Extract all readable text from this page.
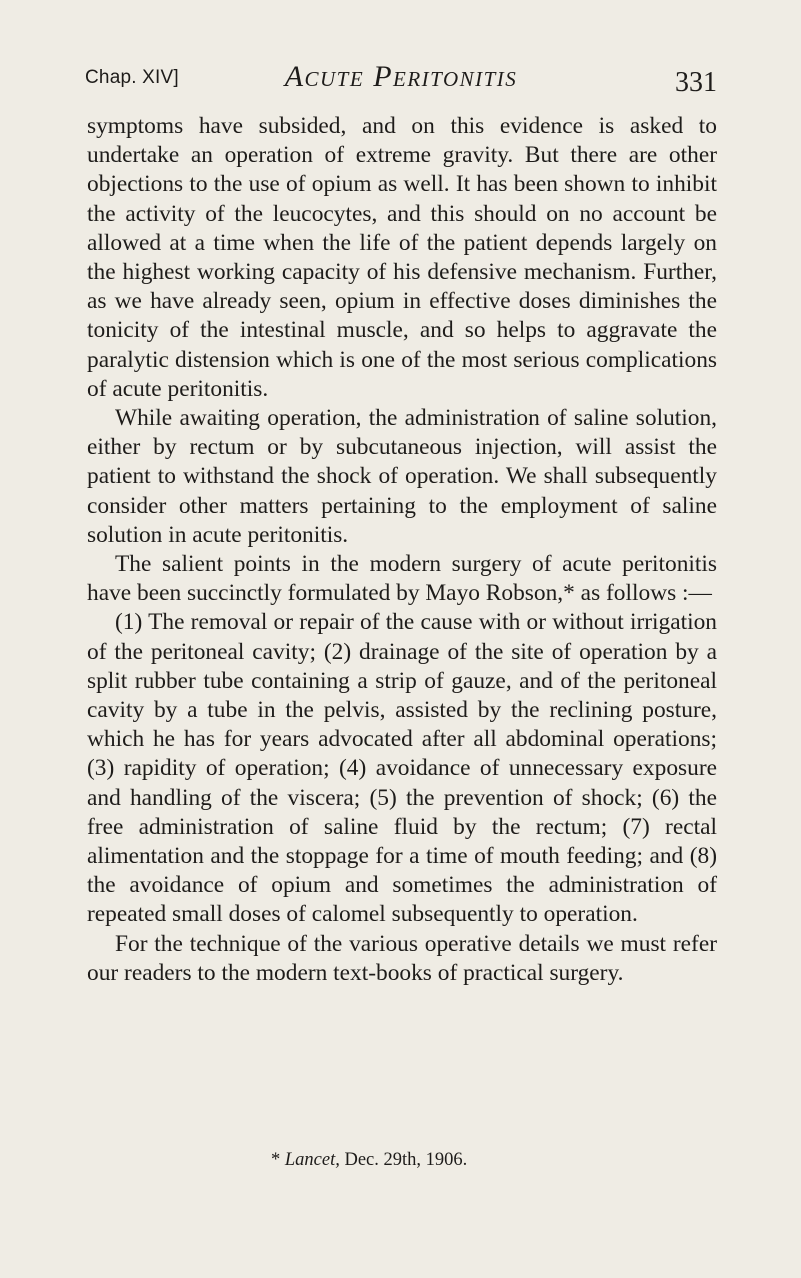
Chap. XIV]	Acute Peritonitis	331

symptoms have subsided, and on this evidence is asked to undertake an operation of extreme gravity. But there are other objections to the use of opium as well. It has been shown to inhibit the activity of the leucocytes, and this should on no account be allowed at a time when the life of the patient depends largely on the highest working capacity of his defensive mechanism. Further, as we have already seen, opium in effective doses diminishes the tonicity of the intestinal muscle, and so helps to aggravate the paralytic distension which is one of the most serious complications of acute peritonitis.

While awaiting operation, the administration of saline solution, either by rectum or by subcutaneous injection, will assist the patient to withstand the shock of operation. We shall subsequently consider other matters pertaining to the employment of saline solution in acute peritonitis.

The salient points in the modern surgery of acute peritonitis have been succinctly formulated by Mayo Robson,* as follows :—

(1) The removal or repair of the cause with or without irrigation of the peritoneal cavity; (2) drainage of the site of operation by a split rubber tube containing a strip of gauze, and of the peritoneal cavity by a tube in the pelvis, assisted by the reclining posture, which he has for years advocated after all abdominal operations; (3) rapidity of operation; (4) avoidance of unnecessary exposure and handling of the viscera; (5) the prevention of shock; (6) the free administration of saline fluid by the rectum; (7) rectal alimentation and the stoppage for a time of mouth feeding; and (8) the avoidance of opium and sometimes the administration of repeated small doses of calomel subsequently to operation.

For the technique of the various operative details we must refer our readers to the modern text-books of practical surgery.

* Lancet, Dec. 29th, 1906.
